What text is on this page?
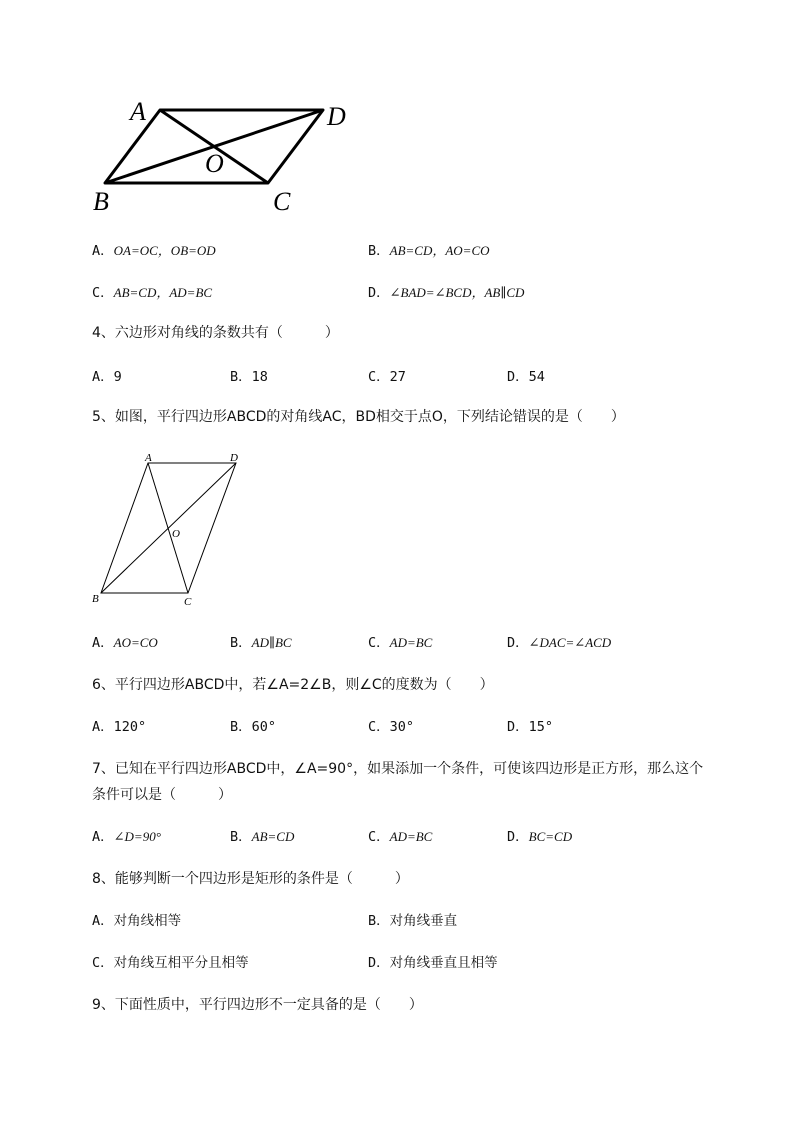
A	D
O
B	C
A．OA=OC，OB=OD	B．AB=CD，AO=CO
C．AB=CD，AD=BC	D．∠BAD=∠BCD，AB∥CD
4、六边形对角线的条数共有（　　　）
A．9	B．18	C．27	D．54
5、如图，平行四边形ABCD的对角线AC，BD相交于点O，下列结论错误的是（　　）
A	D
O
B	C
A．AO=CO	B．AD∥BC	C．AD=BC	D．∠DAC=∠ACD
6、平行四边形ABCD中，若∠A=2∠B，则∠C的度数为（　　）
A．120°	B．60°	C．30°	D．15°
7、已知在平行四边形ABCD中，∠A=90°，如果添加一个条件，可使该四边形是正方形，那么这个
条件可以是（　　　）
A．∠D=90°	B．AB=CD	C．AD=BC	D．BC=CD
8、能够判断一个四边形是矩形的条件是（　　　）
A．对角线相等	B．对角线垂直
C．对角线互相平分且相等	D．对角线垂直且相等
9、下面性质中，平行四边形不一定具备的是（　　）
